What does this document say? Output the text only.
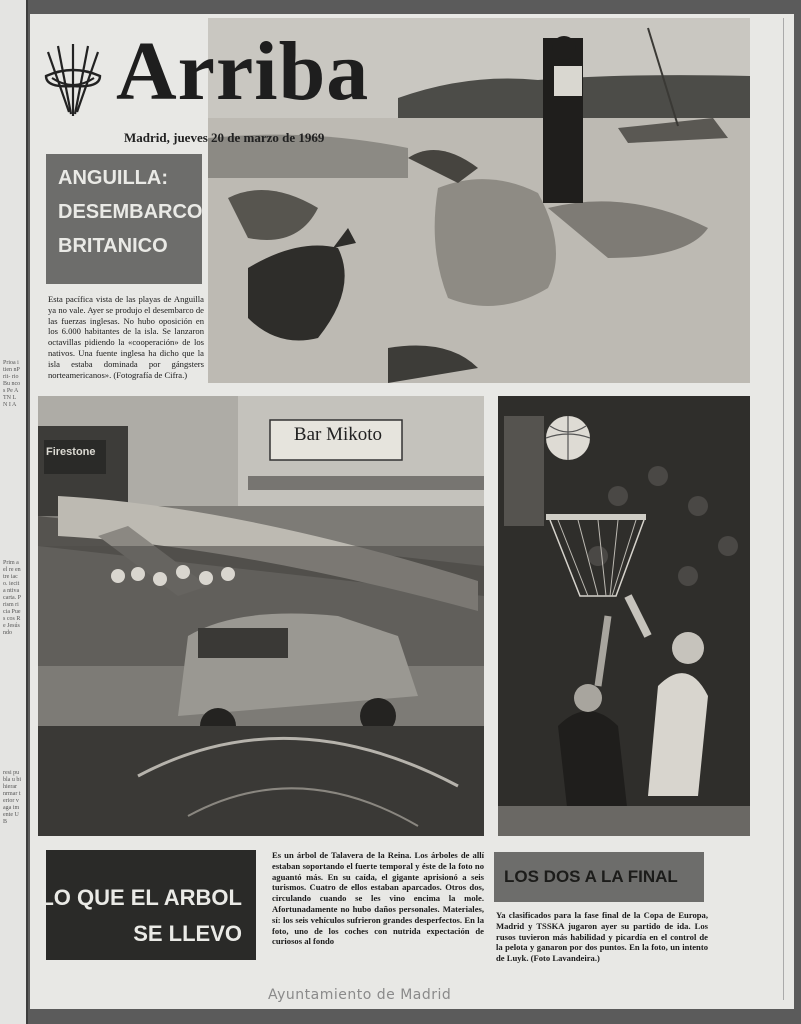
Prioa i tien nPrit- rio Bu ncos Pe A TN L N I A
Prim a el re entre iaco. iecita ntiva carta. Prism ricia Pues cos Re Jesús ndo
resi publa u bi hierar nrmar terior vaga imente UB
Arriba
Madrid, jueves 20 de marzo de 1969
ANGUILLA:
DESEMBARCO
BRITANICO
Esta pacífica vista de las playas de Anguilla ya no vale. Ayer se produjo el desembarco de las fuerzas inglesas. No hubo oposición en los 6.000 habitantes de la isla. Se lanzaron octavillas pidiendo la «cooperación» de los nativos. Una fuente inglesa ha dicho que la isla estaba dominada por gángsters norteamericanos». (Fotografía de Cifra.)
Bar Mikoto
Firestone
LO QUE EL ARBOL
SE LLEVO
Es un árbol de Talavera de la Reina. Los árboles de allí estaban soportando el fuerte temporal y éste de la foto no aguantó más. En su caída, el gigante aprisionó a seis turismos. Cuatro de ellos estaban aparcados. Otros dos, circulando cuando se les vino encima la mole. Afortunadamente no hubo daños personales. Materiales, sí: los seis vehículos sufrieron grandes desperfectos. En la foto, uno de los coches con nutrida expectación de curiosos al fondo
LOS DOS A LA FINAL
Ya clasificados para la fase final de la Copa de Europa, Madrid y TSSKA jugaron ayer su partido de ida. Los rusos tuvieron más habilidad y picardía en el control de la pelota y ganaron por dos puntos. En la foto, un intento de Luyk. (Foto Lavandeira.)
Ayuntamiento de Madrid
